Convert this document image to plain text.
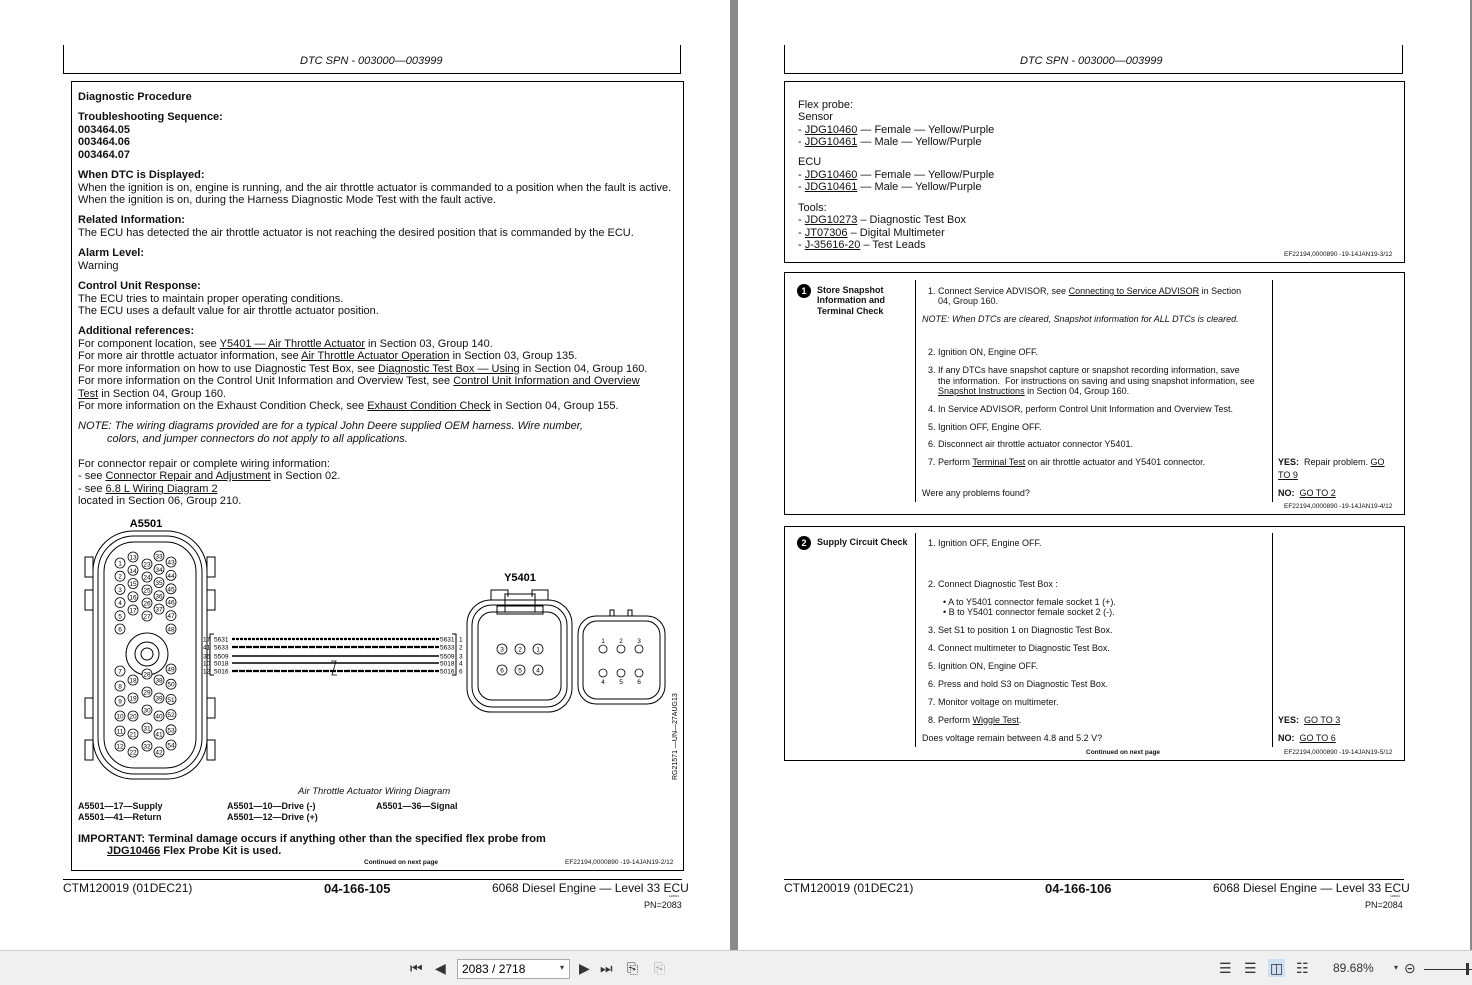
DTC SPN - 003000—003999
Diagnostic Procedure
Troubleshooting Sequence:
003464.05
003464.06
003464.07
When DTC is Displayed:
When the ignition is on, engine is running, and the air throttle actuator is commanded to a position when the fault is active.
When the ignition is on, during the Harness Diagnostic Mode Test with the fault active.
Related Information:
The ECU has detected the air throttle actuator is not reaching the desired position that is commanded by the ECU.
Alarm Level:
Warning
Control Unit Response:
The ECU tries to maintain proper operating conditions.
The ECU uses a default value for air throttle actuator position.
Additional references:
For component location, see Y5401 — Air Throttle Actuator in Section 03, Group 140.
For more air throttle actuator information, see Air Throttle Actuator Operation in Section 03, Group 135.
For more information on how to use Diagnostic Test Box, see Diagnostic Test Box — Using in Section 04, Group 160.
For more information on the Control Unit Information and Overview Test, see Control Unit Information and Overview
Test in Section 04, Group 160.
For more information on the Exhaust Condition Check, see Exhaust Condition Check in Section 04, Group 155.
NOTE: The wiring diagrams provided are for a typical John Deere supplied OEM harness. Wire number,
colors, and jumper connectors do not apply to all applications.
For connector repair or complete wiring information:
- see Connector Repair and Adjustment in Section 02.
- see 6.8 L Wiring Diagram 2
located in Section 06, Group 210.
A5501
Y5401
1
2
3
4
5
6
13
14
15
16
17
23
24
25
26
27
33
34
35
36
37
43
44
45
46
47
48
7
8
9
10
11
12
18
19
20
21
22
28
29
30
31
32
38
39
40
41
42
49
50
51
52
53
54
17 5631	5631 1
41 5633	5633 2
36 5509	5509 3
10 5018	5018 4
12 5016	5016 6
3 2 1
6 5 4
1 2 3
4 5 6
RG21571 —UN—27AUG13
Air Throttle Actuator Wiring Diagram
A5501—17—Supply
A5501—41—Return
A5501—10—Drive (-)
A5501—12—Drive (+)
A5501—36—Signal
IMPORTANT: Terminal damage occurs if anything other than the specified flex probe from
JDG10466 Flex Probe Kit is used.
Continued on next page	EF22194,0000890 -19-14JAN19-2/12
CTM120019 (01DEC21)	04-166-105	6068 Diesel Engine — Level 33 ECU
128321
PN=2083
DTC SPN - 003000—003999
Flex probe:
Sensor
- JDG10460 — Female — Yellow/Purple
- JDG10461 — Male — Yellow/Purple
ECU
- JDG10460 — Female — Yellow/Purple
- JDG10461 — Male — Yellow/Purple
Tools:
- JDG10273 – Diagnostic Test Box
- JT07306 – Digital Multimeter
- J-35616-20 – Test Leads
EF22194,0000890 -19-14JAN19-3/12
1	Store Snapshot
Information and
Terminal Check
1. Connect Service ADVISOR, see Connecting to Service ADVISOR in Section
04, Group 160.
NOTE: When DTCs are cleared, Snapshot information for ALL DTCs is cleared.
2. Ignition ON, Engine OFF.
3. If any DTCs have snapshot capture or snapshot recording information, save
the information.  For instructions on saving and using snapshot information, see
Snapshot Instructions in Section 04, Group 160.
4. In Service ADVISOR, perform Control Unit Information and Overview Test.
5. Ignition OFF, Engine OFF.
6. Disconnect air throttle actuator connector Y5401.
7. Perform Terminal Test on air throttle actuator and Y5401 connector.
Were any problems found?
YES:  Repair problem. GO
TO 9
NO: GO TO 2
EF22194,0000890 -19-14JAN19-4/12
2	Supply Circuit Check 1. Ignition OFF, Engine OFF.
2. Connect Diagnostic Test Box :
• A to Y5401 connector female socket 1 (+).
• B to Y5401 connector female socket 2 (-).
3. Set S1 to position 1 on Diagnostic Test Box.
4. Connect multimeter to Diagnostic Test Box.
5. Ignition ON, Engine OFF.
6. Press and hold S3 on Diagnostic Test Box.
7. Monitor voltage on multimeter.
8. Perform Wiggle Test.
Does voltage remain between 4.8 and 5.2 V?
YES: GO TO 3
NO: GO TO 6
Continued on next page	EF22194,0000890 -19-14JAN19-5/12
CTM120019 (01DEC21)	04-166-106	6068 Diesel Engine — Level 33 ECU
128321
PN=2084
⏮ ◀
2083 / 2718	▾ ▶ ⏭ ⎘ ⎘	☰ ☰ ◫ ☷ 89.68%	▾ ⊝
